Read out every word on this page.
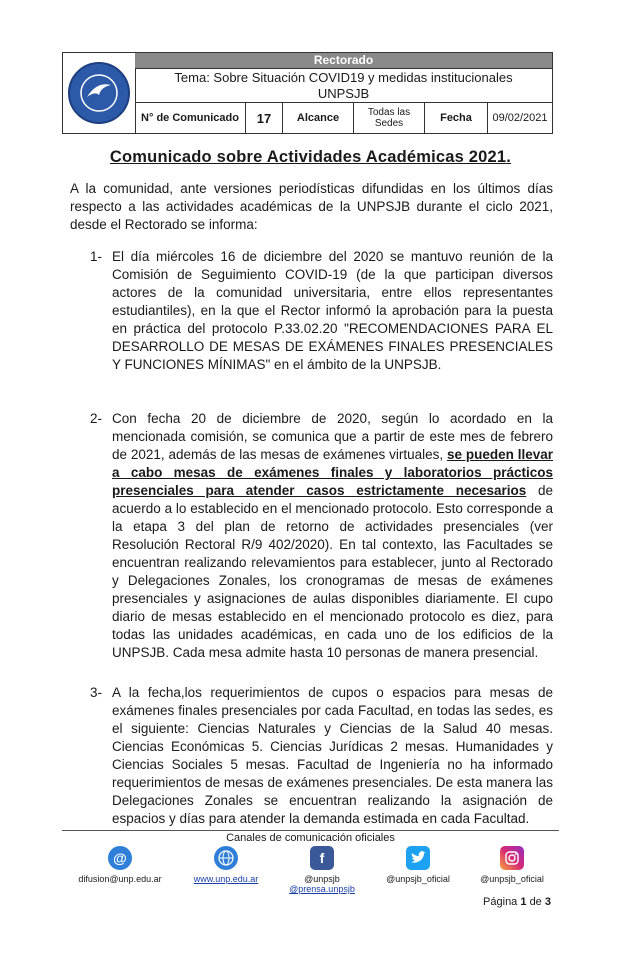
Rectorado
Tema: Sobre Situación COVID19 y medidas institucionales
UNPSJB
N° de Comunicado	17	Alcance	Todas las Sedes	Fecha	09/02/2021
Comunicado sobre Actividades Académicas 2021.
A la comunidad, ante versiones periodísticas difundidas en los últimos días respecto a las actividades académicas de la UNPSJB durante el ciclo 2021, desde el Rectorado se informa:
1- El día miércoles 16 de diciembre del 2020 se mantuvo reunión de la Comisión de Seguimiento COVID-19 (de la que participan diversos actores de la comunidad universitaria, entre ellos representantes estudiantiles), en la que el Rector informó la aprobación para la puesta en práctica del protocolo P.33.02.20 "RECOMENDACIONES PARA EL DESARROLLO DE MESAS DE EXÁMENES FINALES PRESENCIALES Y FUNCIONES MÍNIMAS" en el ámbito de la UNPSJB.
2- Con fecha 20 de diciembre de 2020, según lo acordado en la mencionada comisión, se comunica que a partir de este mes de febrero de 2021, además de las mesas de exámenes virtuales, se pueden llevar a cabo mesas de exámenes finales y laboratorios prácticos presenciales para atender casos estrictamente necesarios de acuerdo a lo establecido en el mencionado protocolo. Esto corresponde a la etapa 3 del plan de retorno de actividades presenciales (ver Resolución Rectoral R/9 402/2020). En tal contexto, las Facultades se encuentran realizando relevamientos para establecer, junto al Rectorado y Delegaciones Zonales, los cronogramas de mesas de exámenes presenciales y asignaciones de aulas disponibles diariamente. El cupo diario de mesas establecido en el mencionado protocolo es diez, para todas las unidades académicas, en cada uno de los edificios de la UNPSJB. Cada mesa admite hasta 10 personas de manera presencial.
3- A la fecha,los requerimientos de cupos o espacios para mesas de exámenes finales presenciales por cada Facultad, en todas las sedes, es el siguiente: Ciencias Naturales y Ciencias de la Salud 40 mesas. Ciencias Económicas 5. Ciencias Jurídicas 2 mesas. Humanidades y Ciencias Sociales 5 mesas. Facultad de Ingeniería no ha informado requerimientos de mesas de exámenes presenciales. De esta manera las Delegaciones Zonales se encuentran realizando la asignación de espacios y días para atender la demanda estimada en cada Facultad.
Canales de comunicación oficiales
@
difusion@unp.edu.ar	www.unp.edu.ar
f
@unpsjb
@prensa.unpsjb
@unpsjb_oficial	@unpsjb_oficial
Página 1 de 3
